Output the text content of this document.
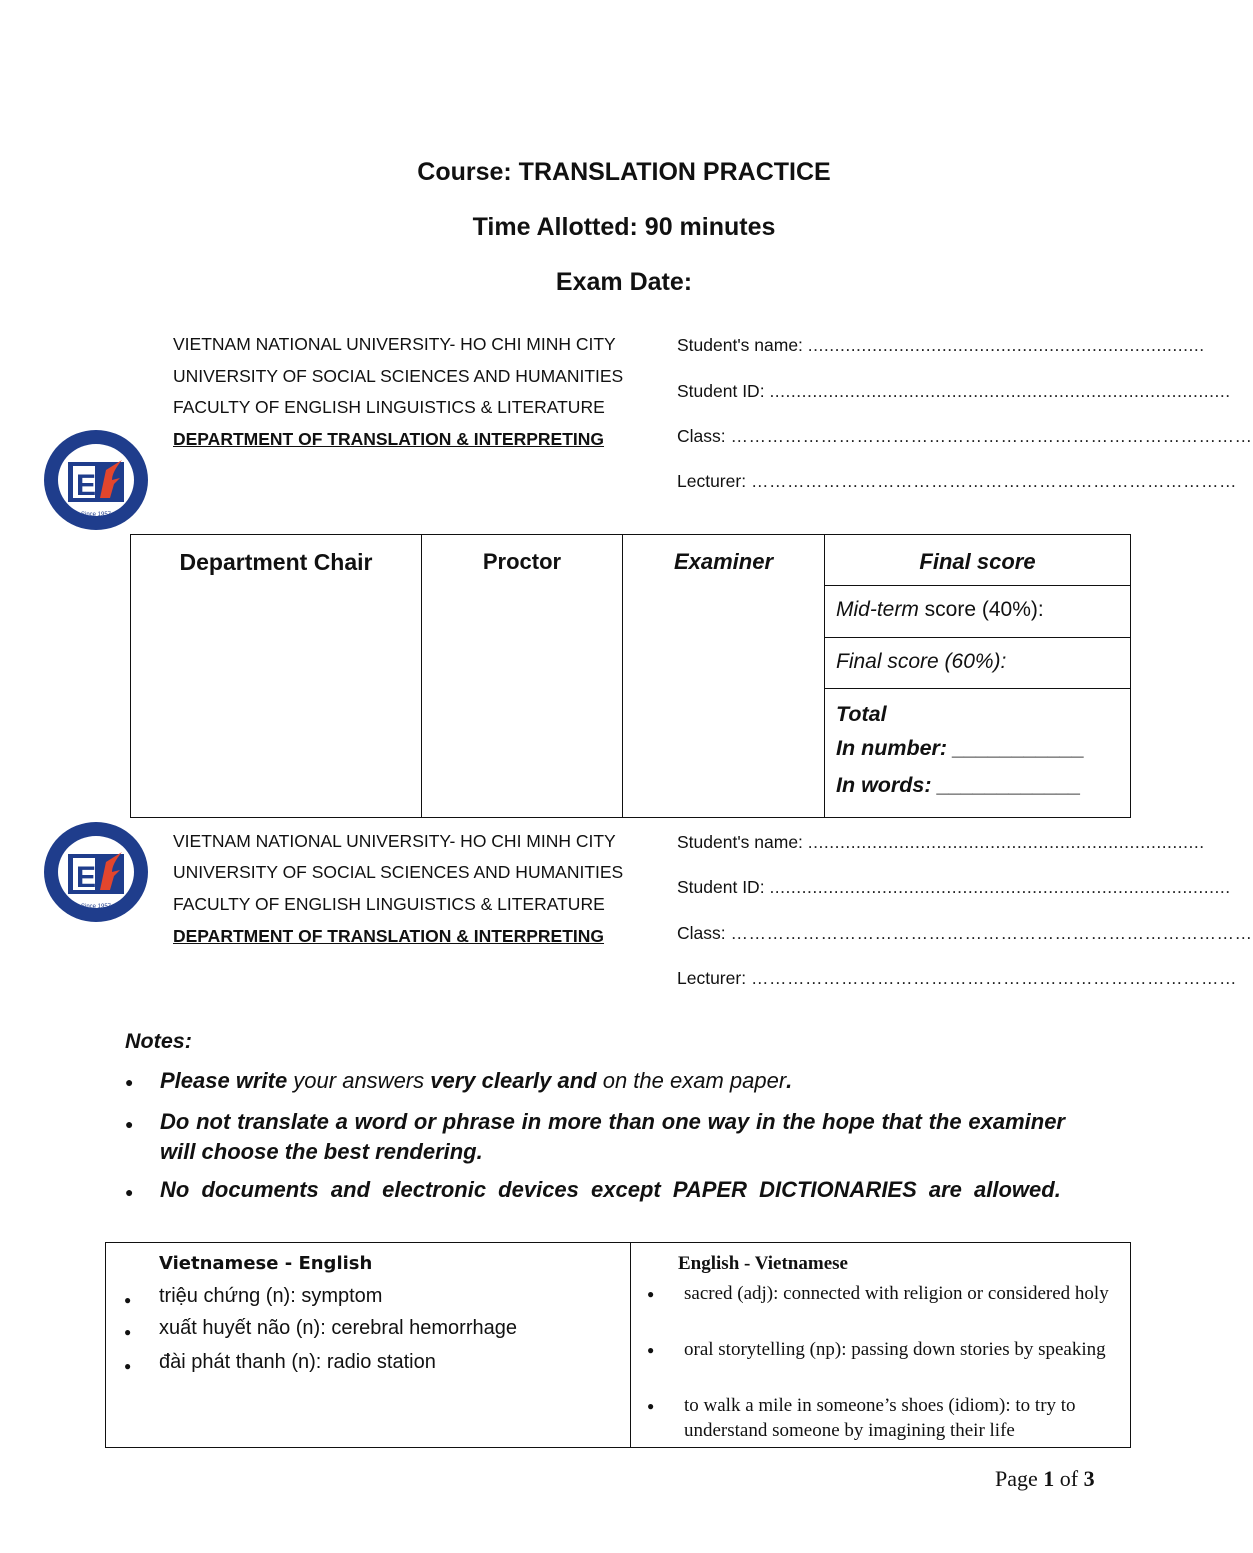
Course: TRANSLATION PRACTICE
Time Allotted: 90 minutes
Exam Date:
E
Since 1957
VIETNAM NATIONAL UNIVERSITY- HO CHI MINH CITY
UNIVERSITY OF SOCIAL SCIENCES AND HUMANITIES
FACULTY OF ENGLISH LINGUISTICS & LITERATURE
DEPARTMENT OF TRANSLATION & INTERPRETING
Student's name: ..........................................................................
Student ID: ......................................................................................
Class: ……………………………………………………………………………
Lecturer: ………………………………………………………………………
Department Chair	Proctor	Examiner	Final score
Mid-term score (40%):
Final score (60%):
Total
In number: ___________
In words: ____________
E
Since 1957
VIETNAM NATIONAL UNIVERSITY- HO CHI MINH CITY
UNIVERSITY OF SOCIAL SCIENCES AND HUMANITIES
FACULTY OF ENGLISH LINGUISTICS & LITERATURE
DEPARTMENT OF TRANSLATION & INTERPRETING
Student's name: ..........................................................................
Student ID: ......................................................................................
Class: ……………………………………………………………………………
Lecturer: ………………………………………………………………………
Notes:
● Please write your answers very clearly and on the exam paper.
● Do not translate a word or phrase in more than one way in the hope that the examiner will choose the best rendering.
● No documents and electronic devices except PAPER DICTIONARIES are allowed.
Vietnamese - English
● triệu chứng (n): symptom
● xuất huyết não (n): cerebral hemorrhage
● đài phát thanh (n): radio station

English - Vietnamese
● sacred (adj): connected with religion or considered holy
● oral storytelling (np): passing down stories by speaking
● to walk a mile in someone’s shoes (idiom): to try to understand someone by imagining their life
Page 1 of 3
